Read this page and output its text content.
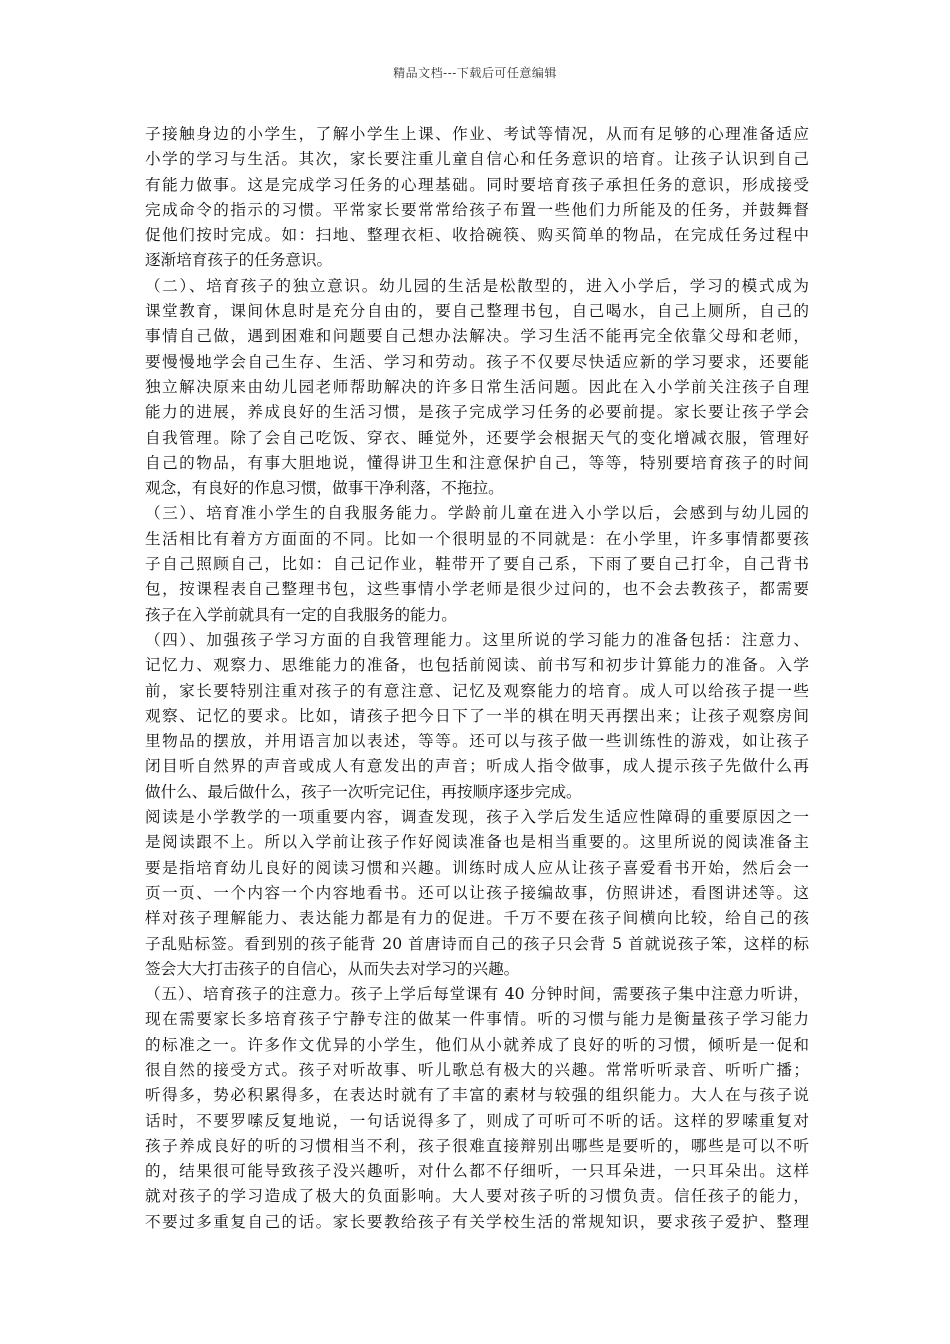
精品文档---下载后可任意编辑
子接触身边的小学生，了解小学生上课、作业、考试等情况，从而有足够的心理准备适应
小学的学习与生活。其次，家长要注重儿童自信心和任务意识的培育。让孩子认识到自己
有能力做事。这是完成学习任务的心理基础。同时要培育孩子承担任务的意识，形成接受
完成命令的指示的习惯。平常家长要常常给孩子布置一些他们力所能及的任务，并鼓舞督
促他们按时完成。如：扫地、整理衣柜、收拾碗筷、购买简单的物品，在完成任务过程中
逐渐培育孩子的任务意识。
（二）、培育孩子的独立意识。幼儿园的生活是松散型的，进入小学后，学习的模式成为
课堂教育，课间休息时是充分自由的，要自己整理书包，自己喝水，自己上厕所，自己的
事情自己做，遇到困难和问题要自己想办法解决。学习生活不能再完全依靠父母和老师，
要慢慢地学会自己生存、生活、学习和劳动。孩子不仅要尽快适应新的学习要求，还要能
独立解决原来由幼儿园老师帮助解决的许多日常生活问题。因此在入小学前关注孩子自理
能力的进展，养成良好的生活习惯，是孩子完成学习任务的必要前提。家长要让孩子学会
自我管理。除了会自己吃饭、穿衣、睡觉外，还要学会根据天气的变化增减衣服，管理好
自己的物品，有事大胆地说，懂得讲卫生和注意保护自己，等等，特别要培育孩子的时间
观念，有良好的作息习惯，做事干净利落，不拖拉。
（三）、培育准小学生的自我服务能力。学龄前儿童在进入小学以后，会感到与幼儿园的
生活相比有着方方面面的不同。比如一个很明显的不同就是：在小学里，许多事情都要孩
子自己照顾自己，比如：自己记作业，鞋带开了要自己系，下雨了要自己打伞，自己背书
包，按课程表自己整理书包，这些事情小学老师是很少过问的，也不会去教孩子，都需要
孩子在入学前就具有一定的自我服务的能力。
（四）、加强孩子学习方面的自我管理能力。这里所说的学习能力的准备包括：注意力、
记忆力、观察力、思维能力的准备，也包括前阅读、前书写和初步计算能力的准备。入学
前，家长要特别注重对孩子的有意注意、记忆及观察能力的培育。成人可以给孩子提一些
观察、记忆的要求。比如，请孩子把今日下了一半的棋在明天再摆出来；让孩子观察房间
里物品的摆放，并用语言加以表述，等等。还可以与孩子做一些训练性的游戏，如让孩子
闭目听自然界的声音或成人有意发出的声音；听成人指令做事，成人提示孩子先做什么再
做什么、最后做什么，孩子一次听完记住，再按顺序逐步完成。
阅读是小学教学的一项重要内容，调查发现，孩子入学后发生适应性障碍的重要原因之一
是阅读跟不上。所以入学前让孩子作好阅读准备也是相当重要的。这里所说的阅读准备主
要是指培育幼儿良好的阅读习惯和兴趣。训练时成人应从让孩子喜爱看书开始，然后会一
页一页、一个内容一个内容地看书。还可以让孩子接编故事，仿照讲述，看图讲述等。这
样对孩子理解能力、表达能力都是有力的促进。千万不要在孩子间横向比较，给自己的孩
子乱贴标签。看到别的孩子能背 20 首唐诗而自己的孩子只会背 5 首就说孩子笨，这样的标
签会大大打击孩子的自信心，从而失去对学习的兴趣。
（五）、培育孩子的注意力。孩子上学后每堂课有 40 分钟时间，需要孩子集中注意力听讲，
现在需要家长多培育孩子宁静专注的做某一件事情。听的习惯与能力是衡量孩子学习能力
的标准之一。许多作文优异的小学生，他们从小就养成了良好的听的习惯，倾听是一促和
很自然的接受方式。孩子对听故事、听儿歌总有极大的兴趣。常常听听录音、听听广播；
听得多，势必积累得多，在表达时就有了丰富的素材与较强的组织能力。大人在与孩子说
话时，不要罗嗦反复地说，一句话说得多了，则成了可听可不听的话。这样的罗嗦重复对
孩子养成良好的听的习惯相当不利，孩子很难直接辩别出哪些是要听的，哪些是可以不听
的，结果很可能导致孩子没兴趣听，对什么都不仔细听，一只耳朵进，一只耳朵出。这样
就对孩子的学习造成了极大的负面影响。大人要对孩子听的习惯负责。信任孩子的能力，
不要过多重复自己的话。家长要教给孩子有关学校生活的常规知识，要求孩子爱护、整理
